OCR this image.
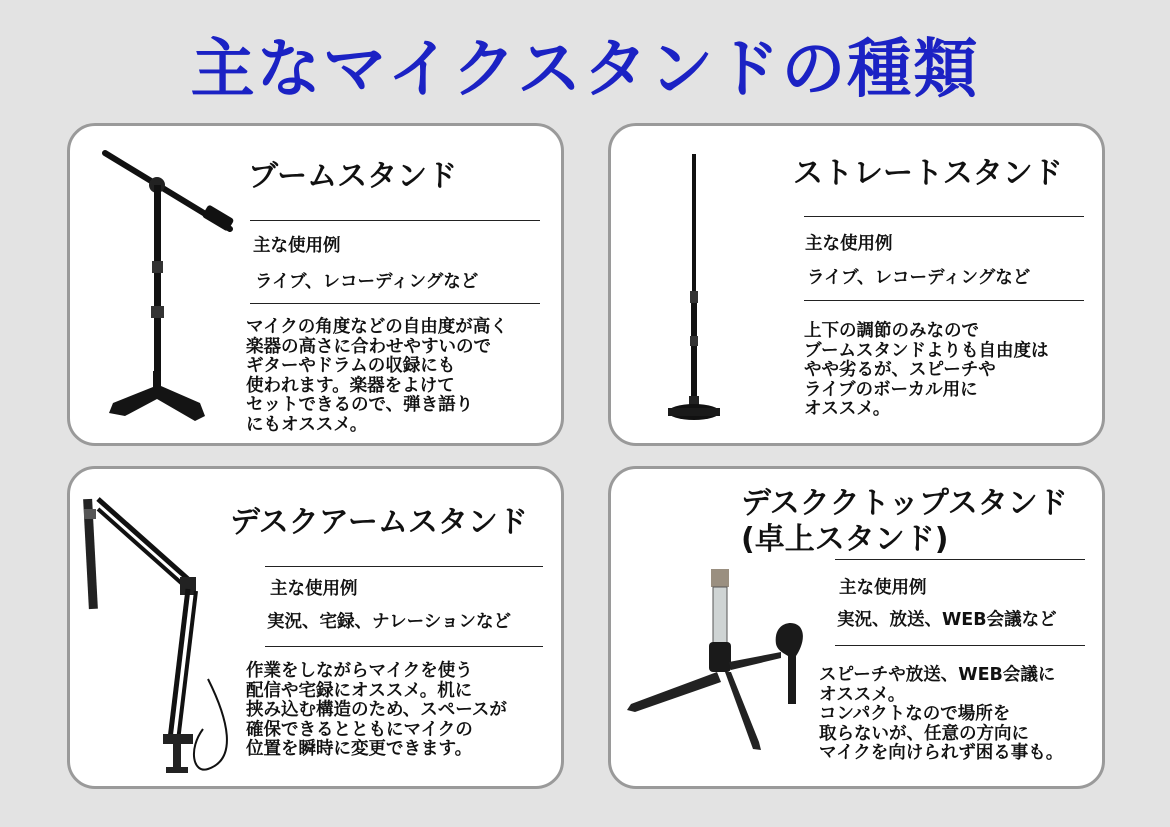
主なマイクスタンドの種類
ブームスタンド
主な使用例
ライブ、レコーディングなど
マイクの角度などの自由度が高く
楽器の高さに合わせやすいので
ギターやドラムの収録にも
使われます。楽器をよけて
セットできるので、弾き語り
にもオススメ。
ストレートスタンド
主な使用例
ライブ、レコーディングなど
上下の調節のみなので
ブームスタンドよりも自由度は
やや劣るが、スピーチや
ライブのボーカル用に
オススメ。
デスクアームスタンド
主な使用例
実況、宅録、ナレーションなど
作業をしながらマイクを使う
配信や宅録にオススメ。机に
挟み込む構造のため、スペースが
確保できるとともにマイクの
位置を瞬時に変更できます。
デスククトップスタンド
(卓上スタンド)
主な使用例
実況、放送、WEB会議など
スピーチや放送、WEB会議に
オススメ。
コンパクトなので場所を
取らないが、任意の方向に
マイクを向けられず困る事も。
